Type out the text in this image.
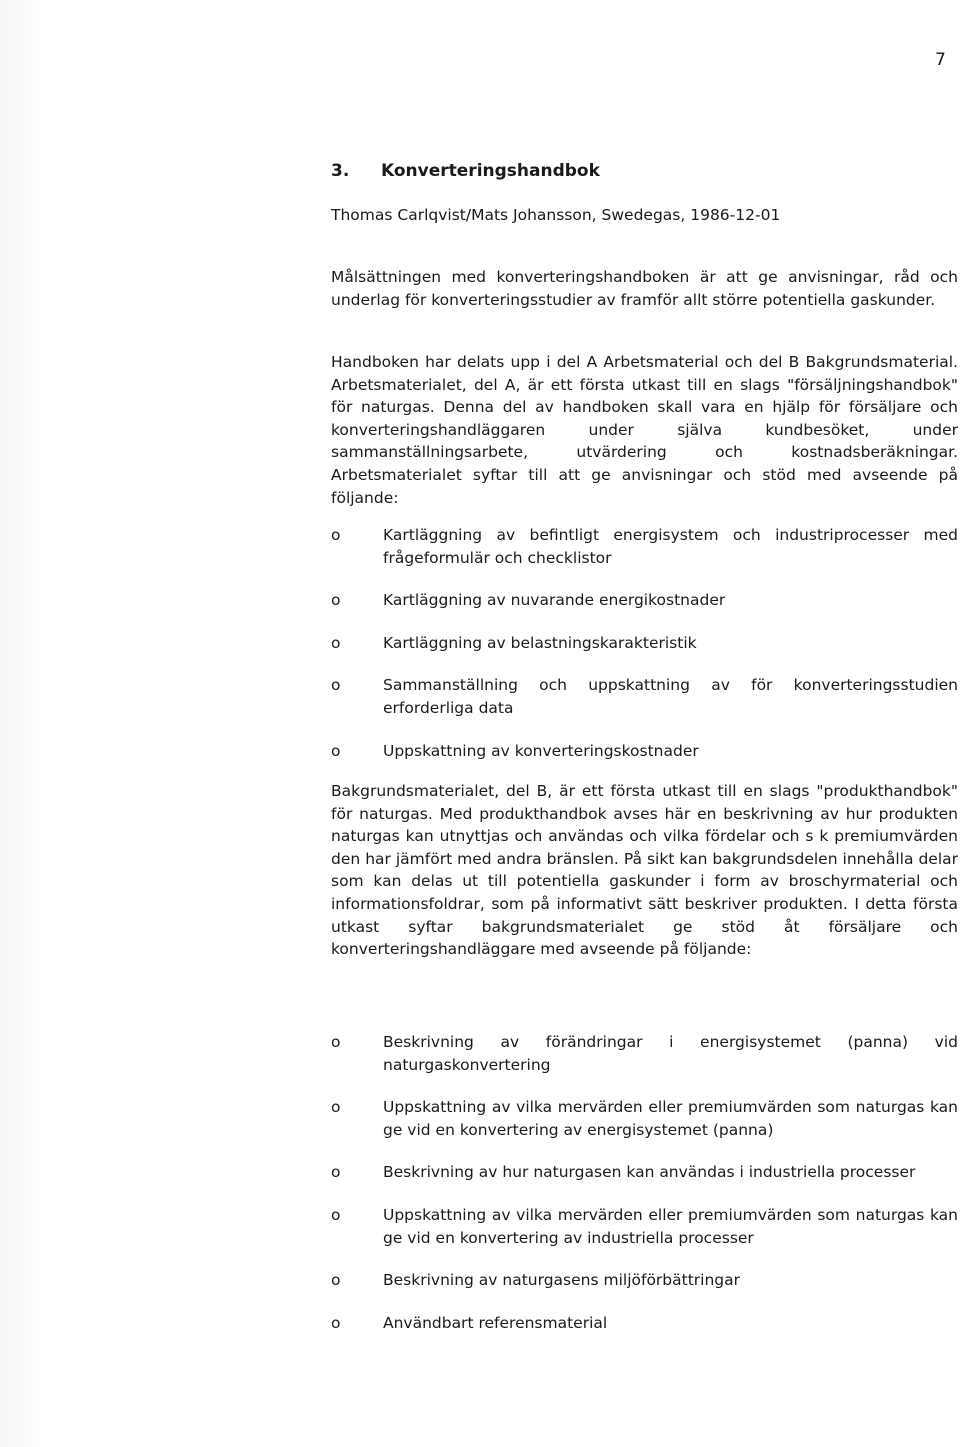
7
3. Konverteringshandbok
Thomas Carlqvist/Mats Johansson, Swedegas, 1986-12-01

Målsättningen med konverteringshandboken är att ge anvisningar, råd och underlag för konverteringsstudier av framför allt större potentiella gaskunder.

Handboken har delats upp i del A Arbetsmaterial och del B Bakgrundsmaterial. Arbetsmaterialet, del A, är ett första utkast till en slags "försäljningshandbok" för naturgas. Denna del av handboken skall vara en hjälp för försäljare och konverteringshandläggaren under själva kundbesöket, under sammanställningsarbete, utvärdering och kostnadsberäkningar. Arbetsmaterialet syftar till att ge anvisningar och stöd med avseende på följande:

o	Kartläggning av befintligt energisystem och industriprocesser med frågeformulär och checklistor
o	Kartläggning av nuvarande energikostnader
o	Kartläggning av belastningskarakteristik
o	Sammanställning och uppskattning av för konverteringsstudien erforderliga data
o	Uppskattning av konverteringskostnader

Bakgrundsmaterialet, del B, är ett första utkast till en slags "produkthandbok" för naturgas. Med produkthandbok avses här en beskrivning av hur produkten naturgas kan utnyttjas och användas och vilka fördelar och s k premiumvärden den har jämfört med andra bränslen. På sikt kan bakgrundsdelen innehålla delar som kan delas ut till potentiella gaskunder i form av broschyrmaterial och informationsfoldrar, som på informativt sätt beskriver produkten. I detta första utkast syftar bakgrundsmaterialet ge stöd åt försäljare och konverteringshandläggare med avseende på följande:

o	Beskrivning av förändringar i energisystemet (panna) vid naturgaskonvertering
o	Uppskattning av vilka mervärden eller premiumvärden som naturgas kan ge vid en konvertering av energisystemet (panna)
o	Beskrivning av hur naturgasen kan användas i industriella processer
o	Uppskattning av vilka mervärden eller premiumvärden som naturgas kan ge vid en konvertering av industriella processer
o	Beskrivning av naturgasens miljöförbättringar
o	Användbart referensmaterial
